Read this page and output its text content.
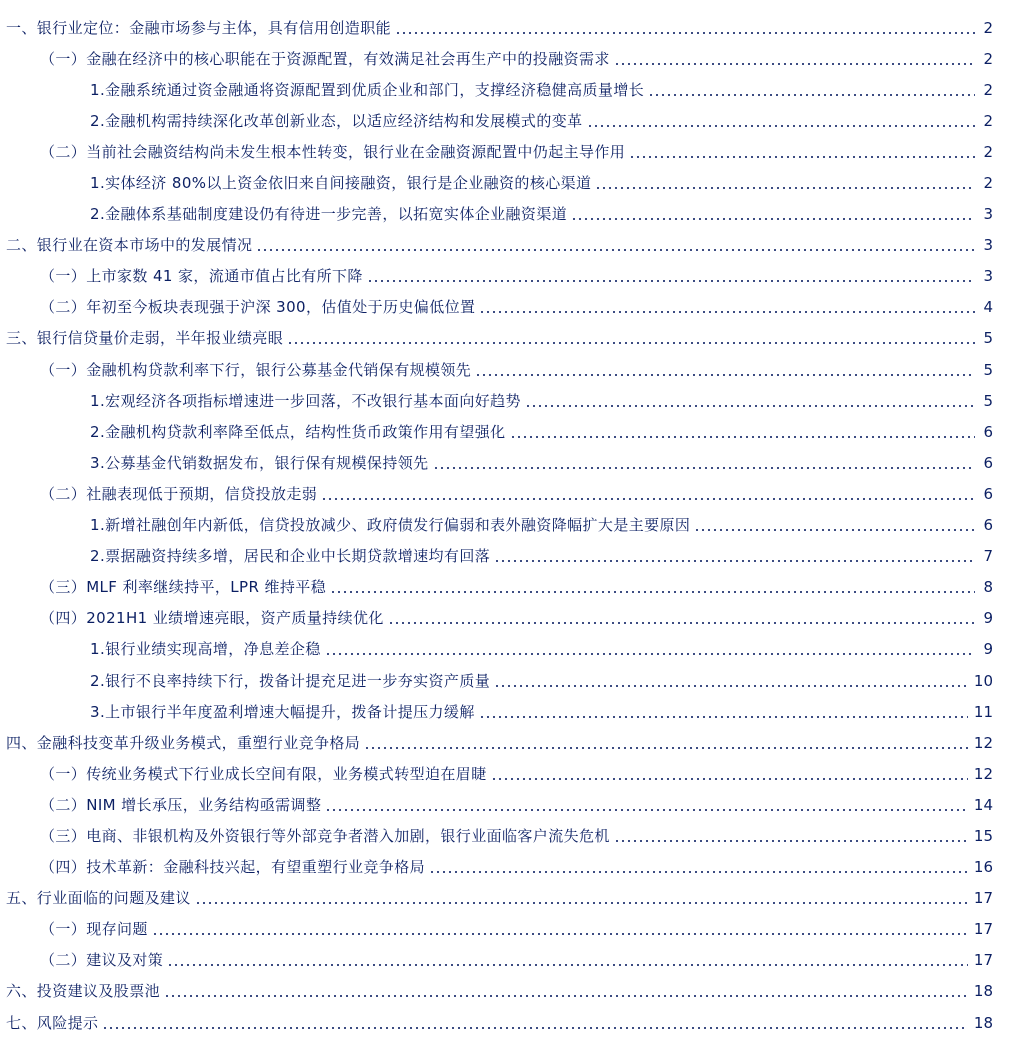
一、银行业定位：金融市场参与主体，具有信用创造职能	2
（一）金融在经济中的核心职能在于资源配置，有效满足社会再生产中的投融资需求	2
1.金融系统通过资金融通将资源配置到优质企业和部门，支撑经济稳健高质量增长	2
2.金融机构需持续深化改革创新业态，以适应经济结构和发展模式的变革	2
（二）当前社会融资结构尚未发生根本性转变，银行业在金融资源配置中仍起主导作用	2
1.实体经济 80%以上资金依旧来自间接融资，银行是企业融资的核心渠道	2
2.金融体系基础制度建设仍有待进一步完善，以拓宽实体企业融资渠道	3
二、银行业在资本市场中的发展情况	3
（一）上市家数 41 家，流通市值占比有所下降	3
（二）年初至今板块表现强于沪深 300，估值处于历史偏低位置	4
三、银行信贷量价走弱，半年报业绩亮眼	5
（一）金融机构贷款利率下行，银行公募基金代销保有规模领先	5
1.宏观经济各项指标增速进一步回落，不改银行基本面向好趋势	5
2.金融机构贷款利率降至低点，结构性货币政策作用有望强化	6
3.公募基金代销数据发布，银行保有规模保持领先	6
（二）社融表现低于预期，信贷投放走弱	6
1.新增社融创年内新低，信贷投放减少、政府债发行偏弱和表外融资降幅扩大是主要原因	6
2.票据融资持续多增，居民和企业中长期贷款增速均有回落	7
（三）MLF 利率继续持平，LPR 维持平稳	8
（四）2021H1 业绩增速亮眼，资产质量持续优化	9
1.银行业绩实现高增，净息差企稳	9
2.银行不良率持续下行，拨备计提充足进一步夯实资产质量	10
3.上市银行半年度盈利增速大幅提升，拨备计提压力缓解	11
四、金融科技变革升级业务模式，重塑行业竞争格局	12
（一）传统业务模式下行业成长空间有限，业务模式转型迫在眉睫	12
（二）NIM 增长承压，业务结构亟需调整	14
（三）电商、非银机构及外资银行等外部竞争者潜入加剧，银行业面临客户流失危机	15
（四）技术革新：金融科技兴起，有望重塑行业竞争格局	16
五、行业面临的问题及建议	17
（一）现存问题	17
（二）建议及对策	17
六、投资建议及股票池	18
七、风险提示	18
